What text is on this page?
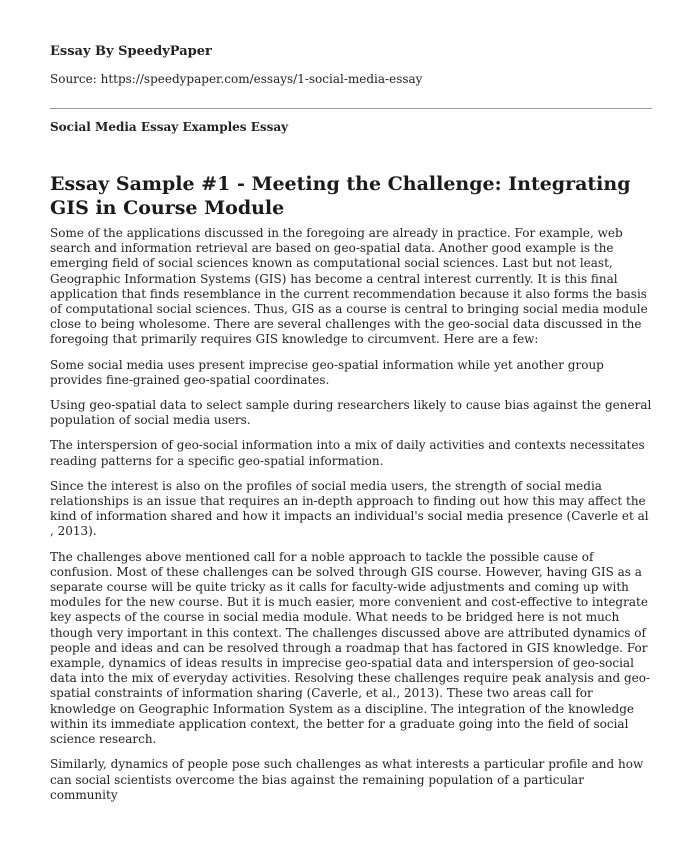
Essay By SpeedyPaper
Source: https://speedypaper.com/essays/1-social-media-essay
Social Media Essay Examples Essay
Essay Sample #1 - Meeting the Challenge: Integrating GIS in Course Module

Some of the applications discussed in the foregoing are already in practice. For example, web search and information retrieval are based on geo-spatial data. Another good example is the emerging field of social sciences known as computational social sciences. Last but not least, Geographic Information Systems (GIS) has become a central interest currently. It is this final application that finds resemblance in the current recommendation because it also forms the basis of computational social sciences. Thus, GIS as a course is central to bringing social media module close to being wholesome. There are several challenges with the geo-social data discussed in the foregoing that primarily requires GIS knowledge to circumvent. Here are a few:

Some social media uses present imprecise geo-spatial information while yet another group provides fine-grained geo-spatial coordinates.

Using geo-spatial data to select sample during researchers likely to cause bias against the general population of social media users.

The interspersion of geo-social information into a mix of daily activities and contexts necessitates reading patterns for a specific geo-spatial information.

Since the interest is also on the profiles of social media users, the strength of social media relationships is an issue that requires an in-depth approach to finding out how this may affect the kind of information shared and how it impacts an individual's social media presence (Caverle et al , 2013).

The challenges above mentioned call for a noble approach to tackle the possible cause of confusion. Most of these challenges can be solved through GIS course. However, having GIS as a separate course will be quite tricky as it calls for faculty-wide adjustments and coming up with modules for the new course. But it is much easier, more convenient and cost-effective to integrate key aspects of the course in social media module. What needs to be bridged here is not much though very important in this context. The challenges discussed above are attributed dynamics of people and ideas and can be resolved through a roadmap that has factored in GIS knowledge. For example, dynamics of ideas results in imprecise geo-spatial data and interspersion of geo-social data into the mix of everyday activities. Resolving these challenges require peak analysis and geo-spatial constraints of information sharing (Caverle, et al., 2013). These two areas call for knowledge on Geographic Information System as a discipline. The integration of the knowledge within its immediate application context, the better for a graduate going into the field of social science research.

Similarly, dynamics of people pose such challenges as what interests a particular profile and how can social scientists overcome the bias against the remaining population of a particular community
